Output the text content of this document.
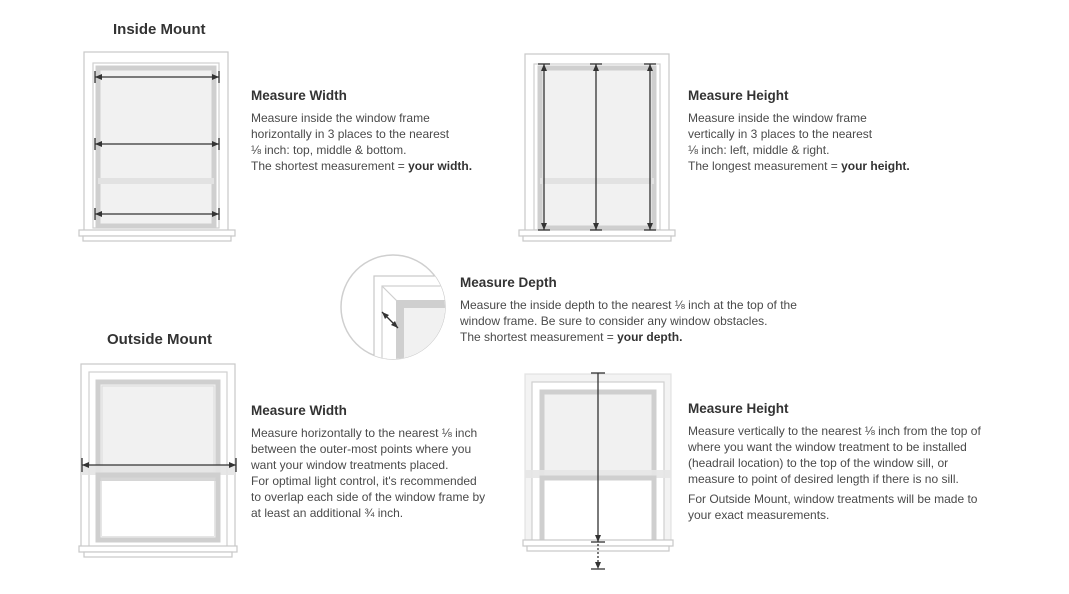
Inside Mount
Measure Width

Measure inside the window frame

horizontally in 3 places to the nearest

⅛ inch: top, middle & bottom.

The shortest measurement = your width.

Measure Height

Measure inside the window frame

vertically in 3 places to the nearest

⅛ inch: left, middle & right.

The longest measurement = your height.

Measure Depth

Measure the inside depth to the nearest ⅛ inch at the top of the

window frame. Be sure to consider any window obstacles.

The shortest measurement = your depth.

Outside Mount
Measure Width

Measure horizontally to the nearest ⅛ inch

between the outer-most points where you

want your window treatments placed.

For optimal light control, it's recommended

to overlap each side of the window frame by

at least an additional ¾ inch.

Measure Height

Measure vertically to the nearest ⅛ inch from the top of

where you want the window treatment to be installed

(headrail location) to the top of the window sill, or

measure to point of desired length if there is no sill.

For Outside Mount, window treatments will be made to

your exact measurements.
